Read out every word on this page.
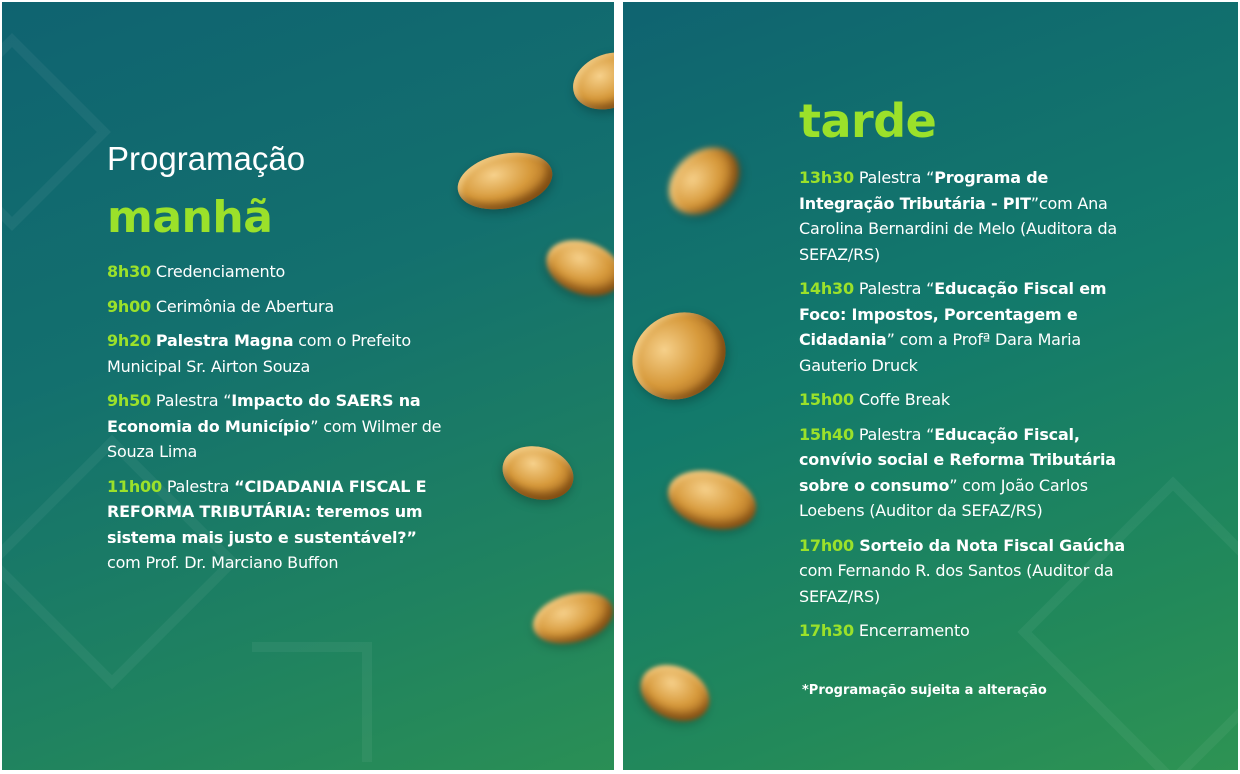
Programação
manhã
8h30 Credenciamento
9h00 Cerimônia de Abertura
9h20 Palestra Magna com o Prefeito Municipal Sr. Airton Souza
9h50 Palestra “Impacto do SAERS na Economia do Município” com Wilmer de Souza Lima
11h00 Palestra “CIDADANIA FISCAL E REFORMA TRIBUTÁRIA: teremos um sistema mais justo e sustentável?” com Prof. Dr. Marciano Buffon
tarde
13h30 Palestra “Programa de Integração Tributária - PIT”com Ana Carolina Bernardini de Melo (Auditora da SEFAZ/RS)
14h30 Palestra “Educação Fiscal em Foco: Impostos, Porcentagem e Cidadania” com a Profª Dara Maria Gauterio Druck
15h00 Coffe Break
15h40 Palestra “Educação Fiscal, convívio social e Reforma Tributária sobre o consumo” com João Carlos Loebens (Auditor da SEFAZ/RS)
17h00 Sorteio da Nota Fiscal Gaúcha com Fernando R. dos Santos (Auditor da SEFAZ/RS)
17h30 Encerramento

*Programação sujeita a alteração
